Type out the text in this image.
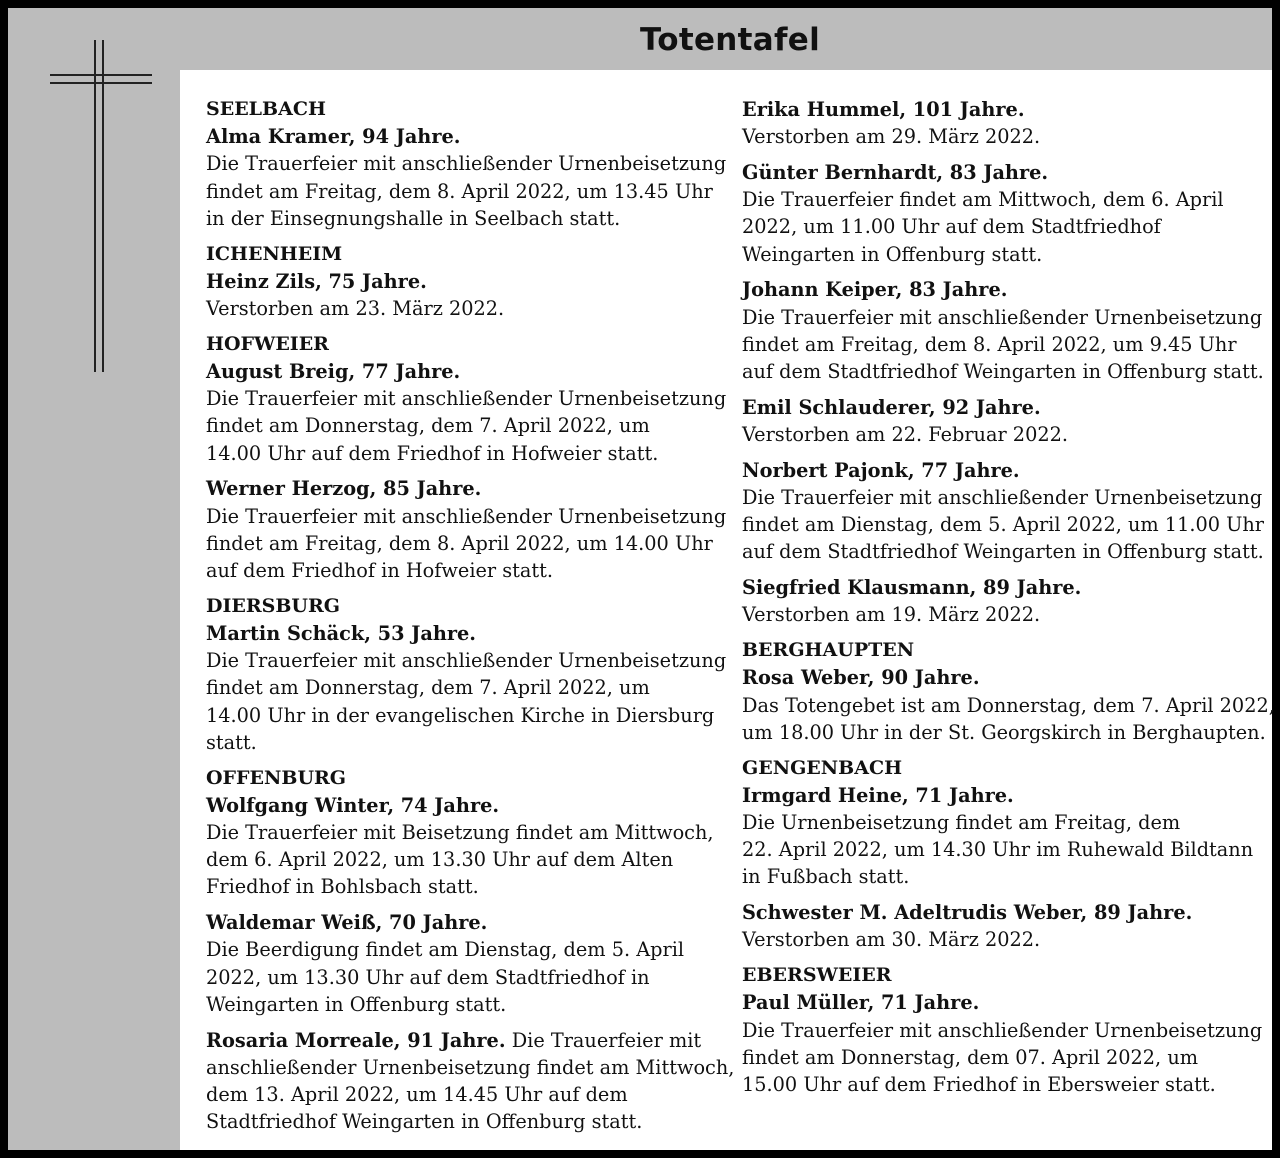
Totentafel
SEELBACH
Alma Kramer, 94 Jahre.
Die Trauerfeier mit anschließender Urnenbeisetzung
findet am Freitag, dem 8. April 2022, um 13.45 Uhr
in der Einsegnungshalle in Seelbach statt.
ICHENHEIM
Heinz Zils, 75 Jahre.
Verstorben am 23. März 2022.
HOFWEIER
August Breig, 77 Jahre.
Die Trauerfeier mit anschließender Urnenbeisetzung
findet am Donnerstag, dem 7. April 2022, um
14.00 Uhr auf dem Friedhof in Hofweier statt.
Werner Herzog, 85 Jahre.
Die Trauerfeier mit anschließender Urnenbeisetzung
findet am Freitag, dem 8. April 2022, um 14.00 Uhr
auf dem Friedhof in Hofweier statt.
DIERSBURG
Martin Schäck, 53 Jahre.
Die Trauerfeier mit anschließender Urnenbeisetzung
findet am Donnerstag, dem 7. April 2022, um
14.00 Uhr in der evangelischen Kirche in Diersburg
statt.
OFFENBURG
Wolfgang Winter, 74 Jahre.
Die Trauerfeier mit Beisetzung findet am Mittwoch,
dem 6. April 2022, um 13.30 Uhr auf dem Alten
Friedhof in Bohlsbach statt.
Waldemar Weiß, 70 Jahre.
Die Beerdigung findet am Dienstag, dem 5. April
2022, um 13.30 Uhr auf dem Stadtfriedhof in
Weingarten in Offenburg statt.
Rosaria Morreale, 91 Jahre. Die Trauerfeier mit
anschließender Urnenbeisetzung findet am Mittwoch,
dem 13. April 2022, um 14.45 Uhr auf dem
Stadtfriedhof Weingarten in Offenburg statt.
Erika Hummel, 101 Jahre.
Verstorben am 29. März 2022.
Günter Bernhardt, 83 Jahre.
Die Trauerfeier findet am Mittwoch, dem 6. April
2022, um 11.00 Uhr auf dem Stadtfriedhof
Weingarten in Offenburg statt.
Johann Keiper, 83 Jahre.
Die Trauerfeier mit anschließender Urnenbeisetzung
findet am Freitag, dem 8. April 2022, um 9.45 Uhr
auf dem Stadtfriedhof Weingarten in Offenburg statt.
Emil Schlauderer, 92 Jahre.
Verstorben am 22. Februar 2022.
Norbert Pajonk, 77 Jahre.
Die Trauerfeier mit anschließender Urnenbeisetzung
findet am Dienstag, dem 5. April 2022, um 11.00 Uhr
auf dem Stadtfriedhof Weingarten in Offenburg statt.
Siegfried Klausmann, 89 Jahre.
Verstorben am 19. März 2022.
BERGHAUPTEN
Rosa Weber, 90 Jahre.
Das Totengebet ist am Donnerstag, dem 7. April 2022,
um 18.00 Uhr in der St. Georgskirch in Berghaupten.
GENGENBACH
Irmgard Heine, 71 Jahre.
Die Urnenbeisetzung findet am Freitag, dem
22. April 2022, um 14.30 Uhr im Ruhewald Bildtann
in Fußbach statt.
Schwester M. Adeltrudis Weber, 89 Jahre.
Verstorben am 30. März 2022.
EBERSWEIER
Paul Müller, 71 Jahre.
Die Trauerfeier mit anschließender Urnenbeisetzung
findet am Donnerstag, dem 07. April 2022, um
15.00 Uhr auf dem Friedhof in Ebersweier statt.
